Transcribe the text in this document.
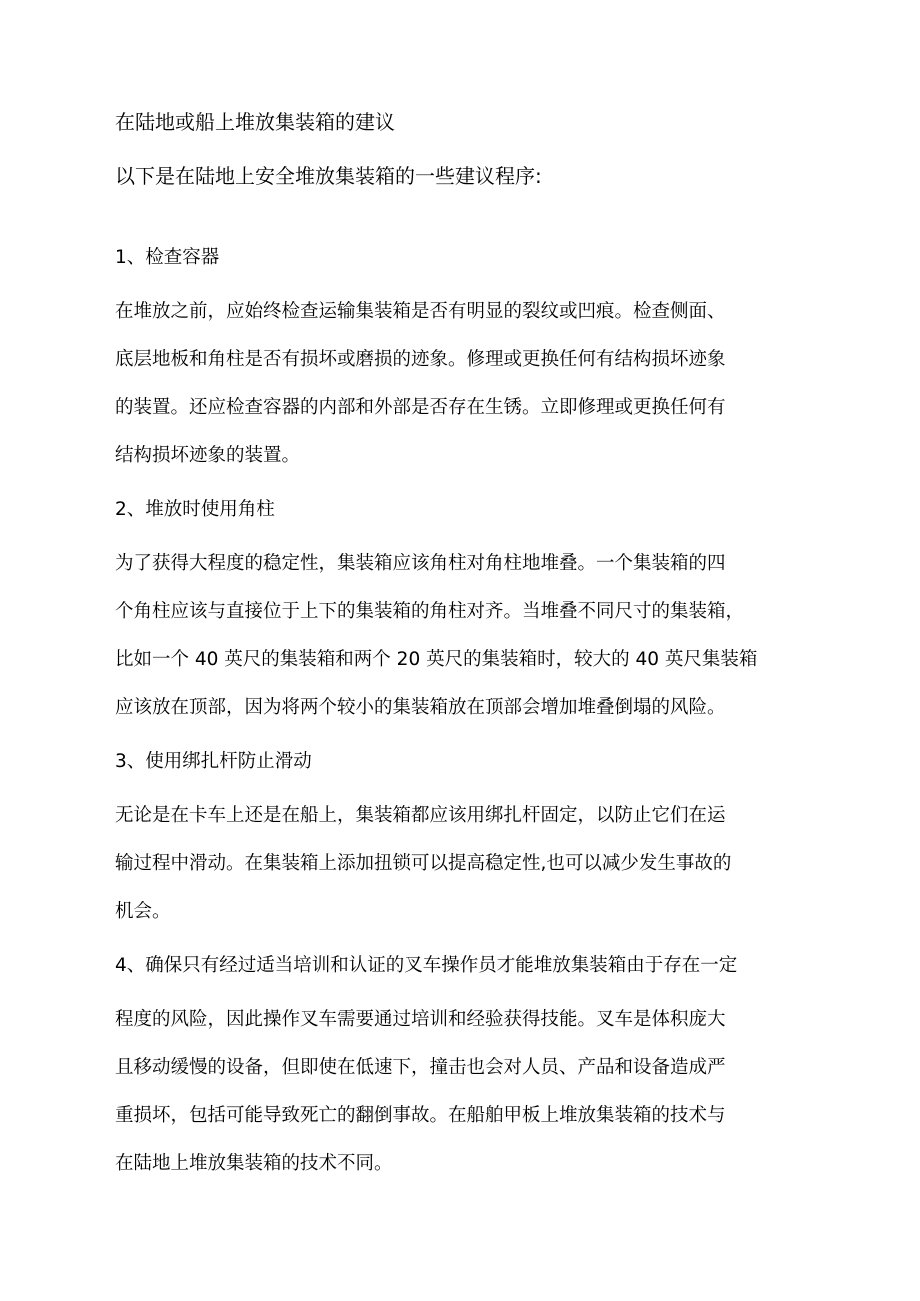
在陆地或船上堆放集装箱的建议

以下是在陆地上安全堆放集装箱的一些建议程序:

1、检查容器
在堆放之前，应始终检查运输集装箱是否有明显的裂纹或凹痕。检查侧面、
底层地板和角柱是否有损坏或磨损的迹象。修理或更换任何有结构损坏迹象
的装置。还应检查容器的内部和外部是否存在生锈。立即修理或更换任何有
结构损坏迹象的装置。
2、堆放时使用角柱
为了获得大程度的稳定性，集装箱应该角柱对角柱地堆叠。一个集装箱的四
个角柱应该与直接位于上下的集装箱的角柱对齐。当堆叠不同尺寸的集装箱，
比如一个 40 英尺的集装箱和两个 20 英尺的集装箱时，较大的 40 英尺集装箱
应该放在顶部，因为将两个较小的集装箱放在顶部会增加堆叠倒塌的风险。
3、使用绑扎杆防止滑动
无论是在卡车上还是在船上，集装箱都应该用绑扎杆固定，以防止它们在运
输过程中滑动。在集装箱上添加扭锁可以提高稳定性,也可以减少发生事故的
机会。
4、确保只有经过适当培训和认证的叉车操作员才能堆放集装箱由于存在一定
程度的风险，因此操作叉车需要通过培训和经验获得技能。叉车是体积庞大
且移动缓慢的设备，但即使在低速下，撞击也会对人员、产品和设备造成严
重损坏，包括可能导致死亡的翻倒事故。在船舶甲板上堆放集装箱的技术与
在陆地上堆放集装箱的技术不同。
